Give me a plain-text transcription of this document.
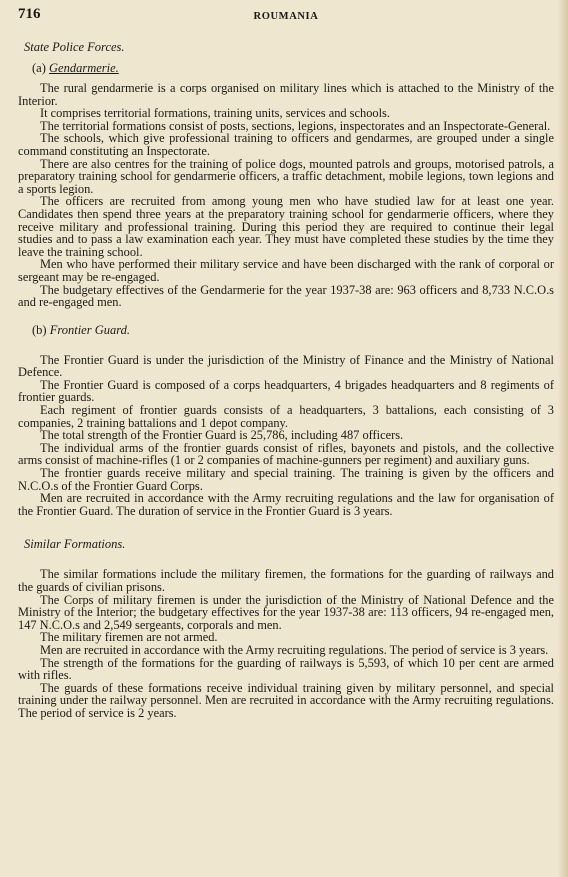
716	ROUMANIA
State Police Forces.
(a) Gendarmerie.

The rural gendarmerie is a corps organised on military lines which is attached to the Ministry of the Interior.

It comprises territorial formations, training units, services and schools.

The territorial formations consist of posts, sections, legions, inspectorates and an Inspectorate-General.

The schools, which give professional training to officers and gendarmes, are grouped under a single command constituting an Inspectorate.

There are also centres for the training of police dogs, mounted patrols and groups, motorised patrols, a preparatory training school for gendarmerie officers, a traffic detachment, mobile legions, town legions and a sports legion.

The officers are recruited from among young men who have studied law for at least one year. Candidates then spend three years at the preparatory training school for gendarmerie officers, where they receive military and professional training. During this period they are required to continue their legal studies and to pass a law examination each year. They must have completed these studies by the time they leave the training school.

Men who have performed their military service and have been discharged with the rank of corporal or sergeant may be re-engaged.

The budgetary effectives of the Gendarmerie for the year 1937-38 are: 963 officers and 8,733 N.C.O.s and re-engaged men.

(b) Frontier Guard.

The Frontier Guard is under the jurisdiction of the Ministry of Finance and the Ministry of National Defence.

The Frontier Guard is composed of a corps headquarters, 4 brigades headquarters and 8 regiments of frontier guards.

Each regiment of frontier guards consists of a headquarters, 3 battalions, each consisting of 3 companies, 2 training battalions and 1 depot company.

The total strength of the Frontier Guard is 25,786, including 487 officers.

The individual arms of the frontier guards consist of rifles, bayonets and pistols, and the collective arms consist of machine-rifles (1 or 2 companies of machine-gunners per regiment) and auxiliary guns.

The frontier guards receive military and special training. The training is given by the officers and N.C.O.s of the Frontier Guard Corps.

Men are recruited in accordance with the Army recruiting regulations and the law for organisation of the Frontier Guard. The duration of service in the Frontier Guard is 3 years.

Similar Formations.

The similar formations include the military firemen, the formations for the guarding of railways and the guards of civilian prisons.

The Corps of military firemen is under the jurisdiction of the Ministry of National Defence and the Ministry of the Interior; the budgetary effectives for the year 1937-38 are: 113 officers, 94 re-engaged men, 147 N.C.O.s and 2,549 sergeants, corporals and men.

The military firemen are not armed.

Men are recruited in accordance with the Army recruiting regulations. The period of service is 3 years.

The strength of the formations for the guarding of railways is 5,593, of which 10 per cent are armed with rifles.

The guards of these formations receive individual training given by military personnel, and special training under the railway personnel. Men are recruited in accordance with the Army recruiting regulations. The period of service is 2 years.
